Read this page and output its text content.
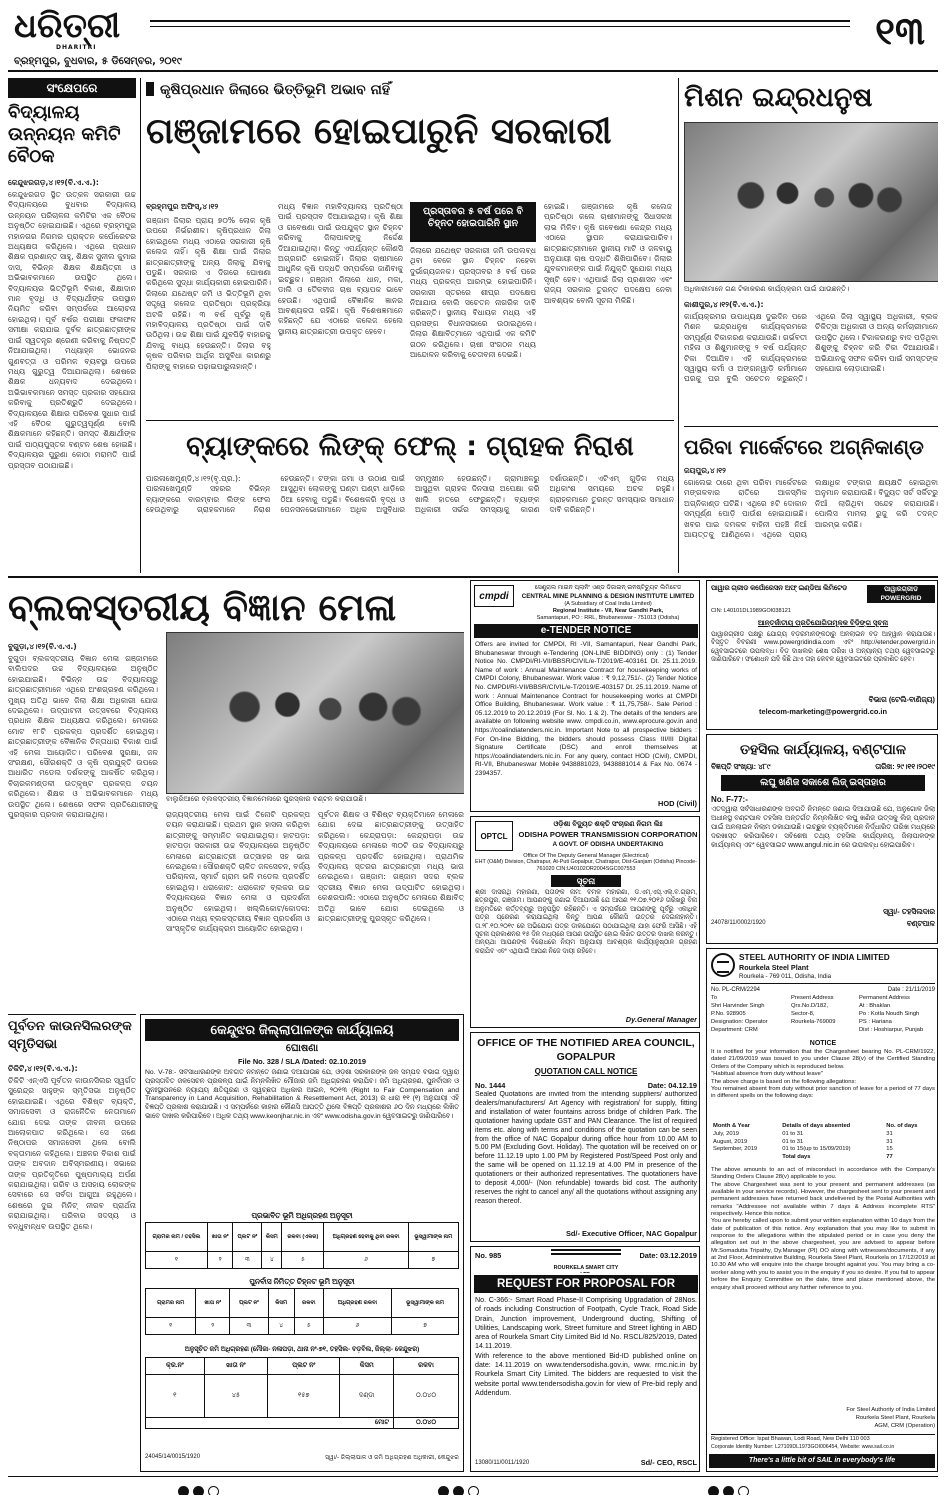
ଧରିତ୍ରୀ
DHARITRI
ବ୍ରହ୍ମପୁର, ବୁଧବାର, ୫ ଡିସେମ୍ବର, ୨୦୧୯
୧୩
ସଂକ୍ଷେପରେ
ବିଦ୍ୟାଳୟ ଉନ୍ନୟନ କମିଟି ବୈଠକ
କେନ୍ଦୁଝରଗଡ଼,୪।୧୨(ବି.ଏ.ଏ.):
କେନ୍ଦୁଝରଗଡ଼ ସ୍ଥିତ ଉତ୍କଳ ସରକାରୀ ଉଚ୍ଚ ବିଦ୍ୟାଳୟରେ ବୁଧବାର ବିଦ୍ୟାଳୟ ଉନ୍ନୟନ ପରିଚାଳନା କମିଟିର ଏକ ବୈଠକ ଅନୁଷ୍ଠିତ ହୋଇଯାଇଛି। ଏଥିରେ ବ୍ରହ୍ମପୁର ମହାନଗର ନିଗମର ପ୍ରାକ୍ତନ କର୍ପୋରେଟର ଅଧ୍ୟକ୍ଷତା କରିଥିଲେ। ଏଥିରେ ପ୍ରଧାନ ଶିକ୍ଷକ ପ୍ରଶାନ୍ତ ସାହୁ, ଶିକ୍ଷକ ସୁନୀଲ କୁମାର ଦାସ, ବିଭିନ୍ନ ଶିକ୍ଷକ ଶିକ୍ଷୟିତ୍ରୀ ଓ ଅଭିଭାବକମାନେ ଉପସ୍ଥିତ ଥିଲେ। ବିଦ୍ୟାଳୟର ଭିତ୍ତିଭୂମି ବିକାଶ, ଶିକ୍ଷାଦାନ ମାନ ବୃଦ୍ଧି ଓ ବିଦ୍ୟାର୍ଥୀଙ୍କ ଉପସ୍ଥାନ ନିୟମିତ କରିବା ସମ୍ପର୍କରେ ଆଲୋଚନା ହୋଇଥିଲା। ପୂର୍ବ ବର୍ଷର ପରୀକ୍ଷା ଫଳାଫଳ ସମୀକ୍ଷା କରାଯାଇ ଦୁର୍ବଳ ଛାତ୍ରଛାତ୍ରୀଙ୍କ ପାଇଁ ସ୍ୱତନ୍ତ୍ର ଶ୍ରେଣୀ କରିବାକୁ ନିଷ୍ପତ୍ତି ନିଆଯାଇଥିଲା। ମଧ୍ୟାହ୍ନ ଭୋଜନର ଗୁଣବତ୍ତା ଓ ପରିମଳ ବ୍ୟବସ୍ଥା ଉପରେ ମଧ୍ୟ ଗୁରୁତ୍ୱ ଦିଆଯାଇଥିଲା। ଶେଷରେ ଶିକ୍ଷକ ଧନ୍ୟବାଦ ଦେଇଥିଲେ। ଅଭିଭାବକମାନେ ସମସ୍ତ ପ୍ରକାର ସହଯୋଗ କରିବାକୁ ପ୍ରତିଶ୍ରୁତି ଦେଇଥିଲେ। ବିଦ୍ୟାଳୟରେ ଶିକ୍ଷାର ପରିବେଶ ସୁଧାର ପାଇଁ ଏହି ବୈଠକ ଗୁରୁତ୍ୱପୂର୍ଣ୍ଣ ବୋଲି ଶିକ୍ଷକମାନେ କହିଛନ୍ତି। ସମସ୍ତ ଶିକ୍ଷାର୍ଥୀଙ୍କ ପାଇଁ ପାଠ୍ୟପୁସ୍ତକ ବଣ୍ଟନ ଶେଷ ହୋଇଛି। ବିଦ୍ୟାଳୟର ପୁରୁଣା କୋଠା ମରାମତି ପାଇଁ ପ୍ରସ୍ତାବ ପଠାଯାଇଛି।
କୃଷିପ୍ରଧାନ ଜିଲାରେ ଭିତ୍ତିଭୂମି ଅଭାବ ନାହିଁ
ଗଞ୍ଜାମରେ ହୋଇପାରୁନି ସରକାରୀ
ବ୍ରହ୍ମପୁର ଅଫିସ୍,୪।୧୨
ଗଞ୍ଜାମ ଜିଲାର ପ୍ରାୟ ୭୦% ଲୋକ କୃଷି ଉପରେ ନିର୍ଭରଶୀଳ। କୃଷିପ୍ରଧାନ ଜିଲା ହୋଇଥିଲେ ମଧ୍ୟ ଏଠାରେ ସରକାରୀ କୃଷି କଲେଜ ନାହିଁ। କୃଷି ଶିକ୍ଷା ପାଇଁ ଜିଲାର ଛାତ୍ରଛାତ୍ରୀଙ୍କୁ ଅନ୍ୟ ଜିଲାକୁ ଯିବାକୁ ପଡୁଛି। ସରକାର ଏ ଦିଗରେ ଘୋଷଣା କରିଥିଲେ ସୁଦ୍ଧା କାର୍ଯ୍ୟକାରୀ ହୋଇପାରିନି। ଜିଲାରେ ଯଥେଷ୍ଟ ଜମି ଓ ଭିତ୍ତିଭୂମି ଥିବା ସତ୍ତ୍ୱେ କଲେଜ ପ୍ରତିଷ୍ଠା ପ୍ରକ୍ରିୟା ଅଟକି ରହିଛି। ୩ ବର୍ଷ ପୂର୍ବରୁ କୃଷି ମହାବିଦ୍ୟାଳୟ ପ୍ରତିଷ୍ଠା ପାଇଁ ଦାବି ଉଠିଥିଲା। ଉଚ୍ଚ ଶିକ୍ଷା ପାଇଁ ଯୁବପିଢ଼ି ବାହାରକୁ ଯିବାକୁ ବାଧ୍ୟ ହେଉଛନ୍ତି। ଜିଲାର ବହୁ କୃଷକ ପରିବାର ଆର୍ଥିକ ଅସୁବିଧା କାରଣରୁ ପିଲାଙ୍କୁ ବାହାରେ ପଢ଼ାଇପାରୁନାହାନ୍ତି।
ମଧ୍ୟ ବିଜ୍ଞାନ ମହାବିଦ୍ୟାଳୟ ପ୍ରତିଷ୍ଠା ପାଇଁ ପ୍ରସ୍ତାବ ଦିଆଯାଇଥିଲା। କୃଷି ଶିକ୍ଷା ଓ ଗବେଷଣା ପାଇଁ ଉପଯୁକ୍ତ ସ୍ଥାନ ଚିହ୍ନଟ କରିବାକୁ ଜିଲାପାଳଙ୍କୁ ନିର୍ଦ୍ଦେଶ ଦିଆଯାଇଥିଲା। କିନ୍ତୁ ଏପର୍ଯ୍ୟନ୍ତ କୌଣସି ଅଗ୍ରଗତି ହୋଇନାହିଁ। ଜିଲାର ଚାଷୀମାନେ ଆଧୁନିକ କୃଷି ପଦ୍ଧତି ସମ୍ପର୍କରେ ଜାଣିବାକୁ ଇଚ୍ଛୁକ। ଗଞ୍ଜାମ ଜିଲାରେ ଧାନ, ମକା, ଡାଲି ଓ ତୈଳବୀଜ ଚାଷ ବ୍ୟାପକ ଭାବେ ହେଉଛି। ଏଥିପାଇଁ ବୈଜ୍ଞାନିକ ଜ୍ଞାନର ଆବଶ୍ୟକତା ରହିଛି। କୃଷି ବିଶେଷଜ୍ଞମାନେ କହିଛନ୍ତି ଯେ ଏଠାରେ କଲେଜ ହେଲେ ସ୍ଥାନୀୟ ଛାତ୍ରଛାତ୍ରୀ ଉପକୃତ ହେବେ।
ପ୍ରସ୍ତାବର ୫ ବର୍ଷ ପରେ ବି ଚିହ୍ନଟ ହୋଇପାରିନି ସ୍ଥାନ
ଜିଲାରେ ଯଥେଷ୍ଟ ସରକାରୀ ଜମି ଉପଲବ୍ଧ ଥିବା ବେଳେ ସ୍ଥାନ ଚିହ୍ନଟ ନହେବା ଦୁର୍ଭାଗ୍ୟଜନକ। ପ୍ରସ୍ତାବର ୫ ବର୍ଷ ପରେ ମଧ୍ୟ ପ୍ରକଳ୍ପ ଆରମ୍ଭ ହୋଇପାରିନି। ସରକାରୀ ସ୍ତରରେ ଶୀଘ୍ର ପଦକ୍ଷେପ ନିଆଯାଉ ବୋଲି ସଚେତନ ନାଗରିକ ଦାବି କରିଛନ୍ତି। ସ୍ଥାନୀୟ ବିଧାୟକ ମଧ୍ୟ ଏହି ପ୍ରସଙ୍ଗ ବିଧାନସଭାରେ ଉଠାଇଥିଲେ। ଜିଲାର ଶିକ୍ଷାବିତ୍ମାନେ ଏଥିପାଇଁ ଏକ କମିଟି ଗଠନ କରିଥିଲେ। ଚାଷୀ ସଂଗଠନ ମଧ୍ୟ ଆନ୍ଦୋଳନ କରିବାକୁ ଚେତାବନୀ ଦେଇଛି।
ହୋଇଛି। ଗଞ୍ଜାମରେ କୃଷି କଲେଜ ପ୍ରତିଷ୍ଠା କଲେ ଚାଷୀମାନଙ୍କୁ ସିଧାସଳଖ ଲାଭ ମିଳିବ। କୃଷି ଗବେଷଣା କେନ୍ଦ୍ର ମଧ୍ୟ ଏଠାରେ ସ୍ଥାପନ କରାଯାଇପାରିବ। ଛାତ୍ରଛାତ୍ରୀମାନେ ସ୍ଥାନୀୟ ମାଟି ଓ ଜଳବାୟୁ ଅନୁଯାୟୀ ଚାଷ ପଦ୍ଧତି ଶିଖିପାରିବେ। ଜିଲାର ଯୁବକମାନଙ୍କ ପାଇଁ ନିଯୁକ୍ତି ସୁଯୋଗ ମଧ୍ୟ ସୃଷ୍ଟି ହେବ। ଏଥିପାଇଁ ଜିଲା ପ୍ରଶାସନ ଏବଂ ରାଜ୍ୟ ସରକାର ତୁରନ୍ତ ପଦକ୍ଷେପ ନେବା ଆବଶ୍ୟକ ବୋଲି ସୂଚନା ମିଳିଛି।
ବ୍ୟାଙ୍କରେ ଲିଙ୍କ୍ ଫେଲ୍ : ଗ୍ରାହକ ନିରାଶ
ପାରଳାଖେମୁଣ୍ଡି,୪।୧୨(ବୃ.ପ୍ର.): ପାରଳାଖେମୁଣ୍ଡି ସହରର ବିଭିନ୍ନ ବ୍ୟାଙ୍କରେ ବାରମ୍ବାର ଲିଙ୍କ ଫେଲ ହେଉଥିବାରୁ ଗ୍ରାହକମାନେ ନିରାଶ ହେଉଛନ୍ତି। ଟଙ୍କା ଜମା ଓ ଉଠାଣ ପାଇଁ ଆସୁଥିବା ଲୋକଙ୍କୁ ଘଣ୍ଟା ଘଣ୍ଟା ଧାଡ଼ିରେ ଠିଆ ହେବାକୁ ପଡୁଛି। ବିଶେଷକରି ବୃଦ୍ଧ ଓ ପେନସନଭୋଗୀମାନେ ଅଧିକ ଅସୁବିଧାର ସମ୍ମୁଖୀନ ହେଉଛନ୍ତି। ଗ୍ରାମାଞ୍ଚଳରୁ ଆସୁଥିବା ଗ୍ରାହକ ଦିନସାରା ଅପେକ୍ଷା କରି ଖାଲି ହାତରେ ଫେରୁଛନ୍ତି। ବ୍ୟାଙ୍କ ଅଧିକାରୀ ସର୍ଭର ସମସ୍ୟାକୁ କାରଣ ଦର୍ଶାଉଛନ୍ତି। ଏଟିଏମ୍ ଗୁଡ଼ିକ ମଧ୍ୟ ଅଧିକାଂଶ ସମୟରେ ଅଚଳ ରହୁଛି। ଗ୍ରାହକମାନେ ତୁରନ୍ତ ସମସ୍ୟାର ସମାଧାନ ଦାବି କରିଛନ୍ତି।
ମିଶନ ଇନ୍ଦ୍ରଧନୁଷ
ଅଧିକାରୀମାନେ ଗଣ ଟିକାକରଣ କାର୍ଯ୍ୟକ୍ରମ ପାଇଁ ଯାଉଛନ୍ତି।
କାଶୀପୁର,୪।୧୨(ବି.ଏ.ଏ.):
କାର୍ଯ୍ୟକ୍ରମର ଉପାଧ୍ୟକ୍ଷ ଦୁଇଦିନ ପରେ ମିଶନ ଇନ୍ଦ୍ରଧନୁଷ କାର୍ଯ୍ୟକ୍ରମରେ ସମ୍ପୂର୍ଣ୍ଣ ଟିକାକରଣ କରାଯାଉଛି। ଗର୍ଭବତୀ ମହିଳା ଓ ଶିଶୁମାନଙ୍କୁ ୨ ବର୍ଷ ପର୍ଯ୍ୟନ୍ତ ଟିକା ଦିଆଯିବ। ଏହି କାର୍ଯ୍ୟକ୍ରମରେ ସ୍ୱାସ୍ଥ୍ୟ କର୍ମୀ ଓ ଅଙ୍ଗନୱାଡ଼ି କର୍ମୀମାନେ ଘରକୁ ଘର ବୁଲି ସଚେତନ କରୁଛନ୍ତି। ଏଥିରେ ଜିଲା ସ୍ୱାସ୍ଥ୍ୟ ଅଧିକାରୀ, ବ୍ଲକ ଚିକିତ୍ସା ଅଧିକାରୀ ଓ ଅନ୍ୟ କର୍ମଚାରୀମାନେ ଉପସ୍ଥିତ ଥିଲେ। ଟିକାକରଣରୁ ବାଦ ପଡ଼ିଥିବା ଶିଶୁଙ୍କୁ ଚିହ୍ନଟ କରି ଟିକା ଦିଆଯାଉଛି। ଅଭିଯାନକୁ ସଫଳ କରିବା ପାଇଁ ସମସ୍ତଙ୍କ ସହଯୋଗ ଲୋଡ଼ାଯାଇଛି।
ପରିବା ମାର୍କେଟରେ ଅଗ୍ନିକାଣ୍ଡ
ଜୟପୁର,୪।୧୨
ଗୋଲେଇ ଠାରେ ଥିବା ପରିବା ମାର୍କେଟରେ ମଙ୍ଗଳବାର ରାତିରେ ଆକସ୍ମିକ ଅଗ୍ନିକାଣ୍ଡ ଘଟିଛି। ଏଥିରେ ୫ଟି ଦୋକାନ ସମ୍ପୂର୍ଣ୍ଣ ପୋଡ଼ି ପାଉଁଶ ହୋଇଯାଇଛି। ଖବର ପାଇ ଦମକଳ ବାହିନୀ ପହଞ୍ଚି ନିଆଁ ଆୟତ୍ତକୁ ଆଣିଥିଲେ। ଏଥିରେ ପ୍ରାୟ ଲକ୍ଷାଧିକ ଟଙ୍କାର କ୍ଷୟକ୍ଷତି ହୋଇଥିବା ଅନୁମାନ କରାଯାଉଛି। ବିଦ୍ୟୁତ ସର୍ଟ ସର୍କିଟରୁ ନିଆଁ ଲାଗିଥିବା ସନ୍ଦେହ କରାଯାଉଛି। ପୋଲିସ ମାମଲା ରୁଜୁ କରି ତଦନ୍ତ ଆରମ୍ଭ କରିଛି।
ବ୍ଲକସ୍ତରୀୟ ବିଜ୍ଞାନ ମେଳା
ବୁଗୁଡ଼ା,୪।୧୨(ବି.ଏ.ଏ.)
ବୁଗୁଡ଼ା ବ୍ଲକସ୍ତରୀୟ ବିଜ୍ଞାନ ମେଳା ଗଞ୍ଜାମରେ ବାଲିପଦର ଉଚ୍ଚ ବିଦ୍ୟାଳୟରେ ଅନୁଷ୍ଠିତ ହୋଇଯାଇଛି। ବିଭିନ୍ନ ଉଚ୍ଚ ବିଦ୍ୟାଳୟରୁ ଛାତ୍ରଛାତ୍ରୀମାନେ ଏଥିରେ ଅଂଶଗ୍ରହଣ କରିଥିଲେ। ମୁଖ୍ୟ ଅତିଥି ଭାବେ ଜିଲା ଶିକ୍ଷା ଅଧିକାରୀ ଯୋଗ ଦେଇଥିଲେ। ଉଦ୍‌ଘାଟନୀ ଉତ୍ସବରେ ବିଦ୍ୟାଳୟ ପ୍ରଧାନ ଶିକ୍ଷକ ଅଧ୍ୟକ୍ଷତା କରିଥିଲେ। ମେଳାରେ ମୋଟ ୧୮ଟି ପ୍ରକଳ୍ପ ପ୍ରଦର୍ଶିତ ହୋଇଥିଲା। ଛାତ୍ରଛାତ୍ରୀଙ୍କ ବୈଜ୍ଞାନିକ ଚିନ୍ତାଧାରା ବିକାଶ ପାଇଁ ଏହି ମେଳା ଆୟୋଜିତ। ପରିବେଶ ସୁରକ୍ଷା, ଜଳ ସଂରକ୍ଷଣ, ସୌରଶକ୍ତି ଓ କୃଷି ପ୍ରଯୁକ୍ତି ଉପରେ ଆଧାରିତ ମଡେଲ ଦର୍ଶକଙ୍କୁ ଆକର୍ଷିତ କରିଥିଲା। ବିଚାରକମଣ୍ଡଳୀ ଉତ୍କୃଷ୍ଟ ପ୍ରକଳ୍ପ ଚୟନ କରିଥିଲେ। ଶିକ୍ଷକ ଓ ଅଭିଭାବକମାନେ ମଧ୍ୟ ଉପସ୍ଥିତ ଥିଲେ। ଶେଷରେ ସଫଳ ପ୍ରତିଯୋଗୀଙ୍କୁ ପୁରସ୍କାର ପ୍ରଦାନ କରାଯାଇଥିଲା।
ବାଲୁରିଆରେ ବ୍ଲକସ୍ତରୀୟ ବିଜ୍ଞାନମେଳାରେ ପୁରସ୍କାର ବଣ୍ଟନ କରାଯାଉଛି।
ରାଜ୍ୟସ୍ତରୀୟ ମେଳା ପାଇଁ ତିନୋଟି ପ୍ରକଳ୍ପ ଚୟନ କରାଯାଇଛି। ପ୍ରଥମ ସ୍ଥାନ ହାସଲ କରିଥିବା ଛାତ୍ରୀଙ୍କୁ ସମ୍ମାନିତ କରାଯାଇଥିଲା। ହାଟପଡ଼ା: ହାଟପଡ଼ା ସରକାରୀ ଉଚ୍ଚ ବିଦ୍ୟାଳୟରେ ଅନୁଷ୍ଠିତ ମେଳାରେ ଛାତ୍ରଛାତ୍ରୀ ଉତ୍ସାହର ସହ ଭାଗ ନେଇଥିଲେ। ସୌରଶକ୍ତି ଚାଳିତ ଜଳସେଚନ, ବର୍ଜ୍ୟ ପରିଚାଳନା, ସ୍ମାର୍ଟ ଗ୍ରାମ ଭଳି ମଡେଲ ପ୍ରଦର୍ଶିତ ହୋଇଥିଲା। ଧରାକୋଟ: ଧରାକୋଟ ବ୍ଲକର ଉଚ୍ଚ ବିଦ୍ୟାଳୟରେ ବିଜ୍ଞାନ ମେଳା ଓ ପ୍ରଦର୍ଶନୀ ଅନୁଷ୍ଠିତ ହୋଇଥିଲା। ଖଲ୍ଲିକୋଟ/କୋଦଳା: ଏଠାରେ ମଧ୍ୟ ବ୍ଲକସ୍ତରୀୟ ବିଜ୍ଞାନ ପ୍ରଦର୍ଶନୀ ଓ ସାଂସ୍କୃତିକ କାର୍ଯ୍ୟକ୍ରମ ଆୟୋଜିତ ହୋଇଥିଲା।
ପୂର୍ବତନ ଶିକ୍ଷକ ଓ ବିଶିଷ୍ଟ ବ୍ୟକ୍ତିମାନେ ମେଳାରେ ଯୋଗ ଦେଇ ଛାତ୍ରଛାତ୍ରୀଙ୍କୁ ଉତ୍ସାହିତ କରିଥିଲେ। କେନ୍ଦ୍ରାପଡ଼ା: କେନ୍ଦ୍ରାପଡ଼ା ଉଚ୍ଚ ବିଦ୍ୟାଳୟରେ ମେଳାରେ ୩୦ଟି ଉଚ୍ଚ ବିଦ୍ୟାଳୟରୁ ପ୍ରକଳ୍ପ ପ୍ରଦର୍ଶିତ ହୋଇଥିଲା। ପ୍ରାଥମିକ ବିଦ୍ୟାଳୟ ସ୍ତରର ଛାତ୍ରଛାତ୍ରୀ ମଧ୍ୟ ଭାଗ ନେଇଥିଲେ। ଗଞ୍ଜାମ: ଗଞ୍ଜାମ ସଦର ବ୍ଲକ ସ୍ତରୀୟ ବିଜ୍ଞାନ ମେଳା ଉଦ୍‌ଘାଟିତ ହୋଇଥିଲା। କେଶରପାଲି: ଏଠାରେ ଅନୁଷ୍ଠିତ ମେଳାରେ ଶିକ୍ଷାବିତ୍ ଅତିଥି ଭାବେ ଯୋଗ ଦେଇଥିଲେ ଓ ଛାତ୍ରଛାତ୍ରୀଙ୍କୁ ପୁରସ୍କୃତ କରିଥିଲେ।
ପୂର୍ବତନ କାଉନସିଲରଙ୍କ ସ୍ମୃତିସଭା
ଚିକିଟି,୪।୧୨(ବି.ଏ.ଏ.):
ଚିକିଟି ଏନ୍ଏସି ପୂର୍ବତନ କାଉନସିଲର ସ୍ୱର୍ଗତ ସୁରେନ୍ଦ୍ର ସାହୁଙ୍କ ସ୍ମୃତିସଭା ଅନୁଷ୍ଠିତ ହୋଇଯାଇଛି। ଏଥିରେ ବିଶିଷ୍ଟ ବ୍ୟକ୍ତି, ସମାଜସେବୀ ଓ ରାଜନୈତିକ ନେତାମାନେ ଯୋଗ ଦେଇ ତାଙ୍କ ଜୀବନୀ ଉପରେ ଆଲୋକପାତ କରିଥିଲେ। ସେ ଜଣେ ନିଷ୍ଠାପର ସମାଜସେବୀ ଥିଲେ ବୋଲି ବକ୍ତାମାନେ କହିଥିଲେ। ଅଞ୍ଚଳର ବିକାଶ ପାଇଁ ତାଙ୍କ ଅବଦାନ ଅବିସ୍ମରଣୀୟ। ସଭାରେ ତାଙ୍କ ପ୍ରତିକୃତିରେ ପୁଷ୍ପମାଲ୍ୟ ଅର୍ପଣ କରାଯାଇଥିଲା। ଗରିବ ଓ ଅସହାୟ ଲୋକଙ୍କ ସେବାରେ ସେ ସର୍ବଦା ଆଗୁଆ ରହୁଥିଲେ। ଶେଷରେ ଦୁଇ ମିନିଟ୍ ନୀରବ ପ୍ରାର୍ଥନା କରାଯାଇଥିଲା। ପରିବାର ସଦସ୍ୟ ଓ ବନ୍ଧୁବାନ୍ଧବ ଉପସ୍ଥିତ ଥିଲେ।
କେନ୍ଦୁଝର ଜିଲ୍ଲାପାଳଙ୍କ କାର୍ଯ୍ୟାଳୟ
ଘୋଷଣା
File No. 328 / SLA /Dated: 02.10.2019
No. V-78:- ସର୍ବସାଧାରଣଙ୍କ ଅବଗତି ନିମନ୍ତେ ଜଣାଇ ଦିଆଯାଉଛି ଯେ, ଓଡ଼ିଶା ସରକାରଙ୍କ ଜଳ ସମ୍ପଦ ବିଭାଗ ଦ୍ୱାରା ପ୍ରସ୍ତାବିତ ଜଳସେଚନ ପ୍ରକଳ୍ପ ପାଇଁ ନିମ୍ନଲିଖିତ ମୌଜାର ଜମି ଅଧିଗ୍ରହଣ କରାଯିବ। ଜମି ଅଧିଗ୍ରହଣ, ପୁନର୍ବାସନ ଓ ପୁନଃସ୍ଥାପନରେ ନ୍ୟାଯ୍ୟ କ୍ଷତିପୂରଣ ଓ ସ୍ୱଚ୍ଛତା ଅଧିକାର ଆଇନ, ୨୦୧୩ (Right to Fair Compensation and Transparency in Land Acquisition, Rehabilitation & Resettlement Act, 2013) ର ଧାରା ୧୧ (୧) ଅନୁଯାୟୀ ଏହି ବିଜ୍ଞପ୍ତି ପ୍ରକାଶ କରାଯାଉଛି। ଏ ସମ୍ପର୍କରେ କାହାର କୌଣସି ଆପତ୍ତି ଥିଲେ ବିଜ୍ଞପ୍ତି ପ୍ରକାଶର ୬୦ ଦିନ ମଧ୍ୟରେ ଲିଖିତ ଭାବେ ଦାଖଲ କରିପାରିବେ। ଅଧିକ ତଥ୍ୟ www.keonjhar.nic.in ଏବଂ www.odisha.gov.in ୱେବସାଇଟରୁ ଜାଣିପାରିବେ।
ପ୍ରଭାବିତ ଭୂମି ଅଧିଗ୍ରହଣ ଅନୁସୂଚୀ
ଗ୍ରାମର ନାମ / ତହସିଲ	ଖାତା ନଂ	ପ୍ଲଟ ନଂ	କିସମ	ରକବା (ଏକର)	ଅଧିଗ୍ରହଣ ହେବାକୁ ଥିବା ରକବା	ଭୂସ୍ୱାମୀଙ୍କ ନାମ
୧	୨	୩	୪	୫	୬	୭
ପୁନର୍ବାସ ନିମିତ୍ତ ଚିହ୍ନଟ ଭୂମି ଅନୁସୂଚୀ
ଗ୍ରାମର ନାମ	ଖାତା ନଂ	ପ୍ଲଟ ନଂ	କିସମ	ରକବା	ଅଧିଗ୍ରହଣ ରକବା	ଭୂସ୍ୱାମୀଙ୍କ ନାମ
୧	୨	୩	୪	୫	୬	୭
ଅନୁସୂଚିତ ଜମି ଅଧିଗ୍ରହଣ (ମୌଜା- ନଳାପଡ଼ା, ଥାନା ନଂ-୭୧, ତହସିଲ- ବଡ଼ବିଲ, ଜିଲ୍ଲା- କେନ୍ଦୁଝର)
କ୍ର.ନଂ	ଖାତା ନଂ	ପ୍ଲଟ ନଂ	କିସମ	ରକବା
୧	୪୫	୧୫୭	ଦଣ୍ଡା	୦.୦୪୦
ମୋଟ				୦.୦୪୦
24045/14/0015/1920	ସ୍ୱା/- ଜିଲ୍ଲାପାଳ ଓ ଜମି ଅଧିଗ୍ରହଣ ଅଧିକାରୀ, କେନ୍ଦୁଝର
cmpdi
ସେଣ୍ଟ୍ରାଲ ମାଇନ ପ୍ଲାନିଂ ଏଣ୍ଡ ଡିଜାଇନ୍ ଇନଷ୍ଟିଚ୍ୟୁଟ ଲିମିଟେଡ
CENTRAL MINE PLANNING & DESIGN INSTITUTE LIMITED
(A Subsidiary of Coal India Limited)
Regional Institute - VII, Near Gandhi Park,
Samantapuri, PO : RRL, Bhubaneswar - 751013 (Odisha)
e-TENDER NOTICE
Offers are invited for CMPDI, RI -VII, Samantapuri, Near Gandhi Park, Bhubaneswar through e-Tendering (ON-LINE BIDDING) only : (1) Tender Notice No. CMPDI/RI-VII/BBSR/CIVIL/e-T/2019/E-403161 Dt. 25.11.2019. Name of work : Annual Maintenance Contract for housekeeping works of CMPDI Colony, Bhubaneswar. Work value : ₹ 9,12,751/-. (2) Tender Notice No. CMPDI/RI-VII/BBSR/CIVIL/e-T/2019/E-403157 Dt. 25.11.2019. Name of work : Annual Maintenance Contract for housekeeping works at CMPDI Office Building, Bhubaneswar. Work value : ₹ 11,75,758/-. Sale Period : 05.12.2019 to 20.12.2019 (For Sl. No. 1 & 2). The details of the tenders are available on following website www. cmpdi.co.in, www.eprocure.gov.in and https://coalindiatenders.nic.in. Important Note to all prospective bidders : For On-line Bidding, the bidders should possess Class III/III Digital Signature Certificate (DSC) and enroll themselves at https://coalindiatenders.nic.in. For any query, contact HOD (Civil), CMPDI, RI-VII, Bhubaneswar Mobile 9438881023, 9438881014 & Fax No. 0674 - 2394357.
HOD (Civil)
ଓଡ଼ିଶା ବିଦ୍ୟୁତ ଶକ୍ତି ସଂଚାରଣ ନିଗମ ଲିଃ
OPTCL	ODISHA POWER TRANSMISSION CORPORATION
A GOVT. OF ODISHA UNDERTAKING
Office Of The Deputy General Manager (Electrical)
EHT (O&M) Division, Chatrapur, At-Puti Gopalpur, Chatrapur, Dist-Ganjam (Odisha) Pincode-761020 CIN:U40102OR2004SGC007553
ସୂଚନା
ଶ୍ରୀ ଦାସରଥି ମହାରଣା, ପିତାଙ୍କ ନାମ: ବିମଳ ମହାରଣା, ଡି.ଏମ୍.ଏସ୍.ଏଲ୍.ବି.ଗ୍ରାମ, ଛତ୍ରପୁର, ଗଞ୍ଜାମ। ଆପଣଙ୍କୁ ଜଣାଇ ଦିଆଯାଉଛି ଯେ ଆପଣ ୨୧.୦୭.୨୦୧୬ ତାରିଖରୁ ବିନା ଅନୁମତିରେ କର୍ତ୍ତବ୍ୟରୁ ଅନୁପସ୍ଥିତ ରହିଛନ୍ତି। ଏ ସମ୍ପର୍କରେ ଆପଣଙ୍କୁ ପୂର୍ବରୁ ଏକାଧିକ ପତ୍ର ପ୍ରେରଣ କରାଯାଇଥିଲା କିନ୍ତୁ ଆପଣ କୌଣସି ଉତ୍ତର ଦେଇନାହାନ୍ତି। ତା.୨୮.୧୦.୨୦୧୯ ରେ ଅଭିଯୋଗ ପତ୍ର ଡାକଯୋଗେ ପଠାଯାଇଥିଲା ଯାହା ଫେରି ଆସିଛି। ଏହି ସୂଚନା ପ୍ରକାଶନର ୧୫ ଦିନ ମଧ୍ୟରେ ଆପଣ ଉପସ୍ଥିତ ହୋଇ ଲିଖିତ ଉତ୍ତର ଦାଖଲ କରନ୍ତୁ। ଅନ୍ୟଥା ଆପଣଙ୍କ ବିରୋଧରେ ନିୟମ ଅନୁଯାୟୀ ଆବଶ୍ୟକ କାର୍ଯ୍ୟାନୁଷ୍ଠାନ ଗ୍ରହଣ କରାଯିବ ଏବଂ ଏଥିପାଇଁ ଆପଣ ନିଜେ ଦାୟୀ ରହିବେ।
Dy.General Manager
OFFICE OF THE NOTIFIED AREA COUNCIL, GOPALPUR
QUOTATION CALL NOTICE
No. 1444	Date: 04.12.19
Sealed Quotations are invited from the intending suppliers/ authorized dealers/manufacturers/ Art Agency with registration/ for supply, fitting and installation of water fountains across bridge of children Park. The quotationer having update GST and PAN Clearance. The list of required items etc. along with terms and conditions of the quotation can be seen from the office of NAC Gopalpur during office hour from 10.00 AM to 5.00 PM (Excluding Govt. Holiday). The quotation will be received on or before 11.12.19 upto 1.00 PM by Registered Post/Speed Post only and the same will be opened on 11.12.19 at 4.00 PM in presence of the quotationers or their authorized representatives. The quotationers have to deposit 4,000/- (Non refundable) towards bid cost. The authority reserves the right to cancel any/ all the quotations without assigning any reason thereof.
Sd/- Executive Officer, NAC Gopalpur
No. 985
ROURKELA SMART CITY
Date: 03.12.2019
REQUEST FOR PROPOSAL FOR
No. C-366:- Smart Road Phase-II Comprising Upgradation of 28Nos. of roads including Construction of Footpath, Cycle Track, Road Side Drain, Junction improvement, Underground ducting, Shifting of Utilities, Landscaping work, Street furniture and Street lighting in ABD area of Rourkela Smart City Limited Bid Id No. RSCL/825/2019, Dated 14.11.2019.
With reference to the above mentioned Bid-ID published online on date: 14.11.2019 on www.tendersodisha.gov.in, www. rmc.nic.in by Rourkela Smart City Limited. The bidders are requested to visit the website portal www.tendersodisha.gov.in for view of Pre-bid reply and Addendum.
13080/11/0011/1920	Sd/- CEO, RSCL
ପାୱାର ଗ୍ରୀଡ କର୍ପୋରେସନ ଅଫ୍ ଇଣ୍ଡିଆ ଲିମିଟେଡ	ପାୱାରଗ୍ରୀଡ POWERGRID
CIN: L40101DL1989GOI038121
ଆନ୍ତର୍ଜାତୀୟ ପ୍ରତିଯୋଗିତାମୂଳକ ବିଡ଼ିଙ୍ଗ ସୂଚନା
ପାୱାରଗ୍ରୀଡ ପକ୍ଷରୁ ଯୋଗ୍ୟ ବିଡ଼ରମାନଙ୍କଠାରୁ ଅନଲାଇନ ବିଡ଼ ଆହ୍ୱାନ କରାଯାଉଛି। ବିସ୍ତୃତ ବିବରଣୀ www.powergridindia.com ଏବଂ http://etender.powergrid.in ୱେବସାଇଟରେ ଉପଲବ୍ଧ। ବିଡ଼ ଦାଖଲର ଶେଷ ତାରିଖ ଓ ଅନ୍ୟାନ୍ୟ ତଥ୍ୟ ୱେବସାଇଟରୁ ଜାଣିପାରିବେ। ସଂଶୋଧନ ଯଦି କିଛି ଥାଏ ତାହା କେବଳ ୱେବସାଇଟରେ ପ୍ରକାଶିତ ହେବ।
ବିଭାଗ (ଟେଲି-ବାଣିଜ୍ୟ)
telecom-marketing@powergrid.co.in
ତହସିଲ କାର୍ଯ୍ୟାଳୟ, ବଣ୍ଟପାଳ
ବିଜ୍ଞପ୍ତି ସଂଖ୍ୟା: ୪୮୯	ତାରିଖ: ୨୯।୧୧।୨୦୧୯
ଲଘୁ ଖଣିଜ ସକାଶେ ଲିଜ୍ ଇସ୍ତାହାର
No. F-77:-
ଏତଦ୍ୱାରା ସର୍ବସାଧାରଣଙ୍କ ଅବଗତି ନିମନ୍ତେ ଜଣାଇ ଦିଆଯାଉଛି ଯେ, ଅନୁଗୋଳ ଜିଲା ଅଧୀନସ୍ଥ ବଣ୍ଟପାଳ ତହସିଲ ଅନ୍ତର୍ଗତ ନିମ୍ନଲିଖିତ ଲଘୁ ଖଣିଜ ଉତ୍ସକୁ ଲିଜ୍ ପ୍ରଦାନ ପାଇଁ ଅନଲାଇନ ନିଲାମ ଡକାଯାଉଛି। ଇଚ୍ଛୁକ ବ୍ୟକ୍ତିମାନେ ନିର୍ଦ୍ଧାରିତ ତାରିଖ ମଧ୍ୟରେ ଦରଖାସ୍ତ କରିପାରିବେ। ସବିଶେଷ ତଥ୍ୟ ତହସିଲ କାର୍ଯ୍ୟାଳୟ, ଜିଲାପାଳଙ୍କ କାର୍ଯ୍ୟାଳୟ ଏବଂ ୱେବସାଇଟ www.angul.nic.in ରେ ଉପଲବ୍ଧ ହୋଇପାରିବ।
ସ୍ୱା/- ତହସିଲଦାର
24078/11/0002/1920	ବଣ୍ଟପାଳ
STEEL AUTHORITY OF INDIA LIMITED
Rourkela Steel Plant
Rourkela - 769 011, Odisha, India
No. PL-CRM/2294	Date : 21/11/2019
To
Shri Harvinder Singh
P.No. 928905
Designation: Operator
Department: CRM
Present Address
Qrs.No.D/182,
Sector-8,
Rourkela-769009
Permanent Address
At : Bhaklan
Po : Kotla Noudh Singh
PS : Hariana
Dist : Hoshiarpur, Punjab
NOTICE
It is notified for your information that the Chargesheet bearing No. PL-CRM/1922, dated 21/09/2019 was issued to you under Clause 28(v) of the Certified Standing Orders of the Company which is reproduced below.
"Habitual absence from duty without leave"
The above charge is based on the following allegations:
You remained absent from duty without prior sanction of leave for a period of 77 days in different spells on the following days:
Month & Year	Details of days absented	No. of days
July, 2019	01 to 31	31
August, 2019	01 to 31	31
September, 2019	01 to 15(up to 15/09/2019)	15
	Total days	77
The above amounts to an act of misconduct in accordance with the Company's Standing Orders Clause 28(v) applicable to you.
The above Chargesheet was sent to your present and permanent addresses (as available in your service records). However, the chargesheet sent to your present and permanent addresses have returned back undelivered by the Postal Authorities with remarks "Addressee not available within 7 days & Address incomplete RTS" respectively. Hence this notice.
You are hereby called upon to submit your written explanation within 10 days from the date of publication of this notice. Any explanation that you may like to submit in response to the allegations within the stipulated period or in case you deny the allegation set out in the above chargesheet, you are advised to appear before Mr.Somadutta Tripathy, Dy.Manager (PI) OO along with witnesses/documents, if any at 2nd Floor, Administrative Building, Rourkela Steel Plant, Rourkela on 17/12/2019 at 10.30 AM who will enquire into the charge brought against you. You may bring a co-worker along with you to assist you in the enquiry if you so desire. If you fail to appear before the Enquiry Committee on the date, time and place mentioned above, the enquiry shall proceed without any further reference to you.
For Steel Authority of India Limited
Rourkela Steel Plant, Rourkela
AGM, CRM (Operation)
Registered Office: Ispat Bhawan, Lodi Road, New Delhi 110 003
Corporate Identity Number: L27109DL1973GOI006454, Website: www.sail.co.in
There's a little bit of SAIL in everybody's life
